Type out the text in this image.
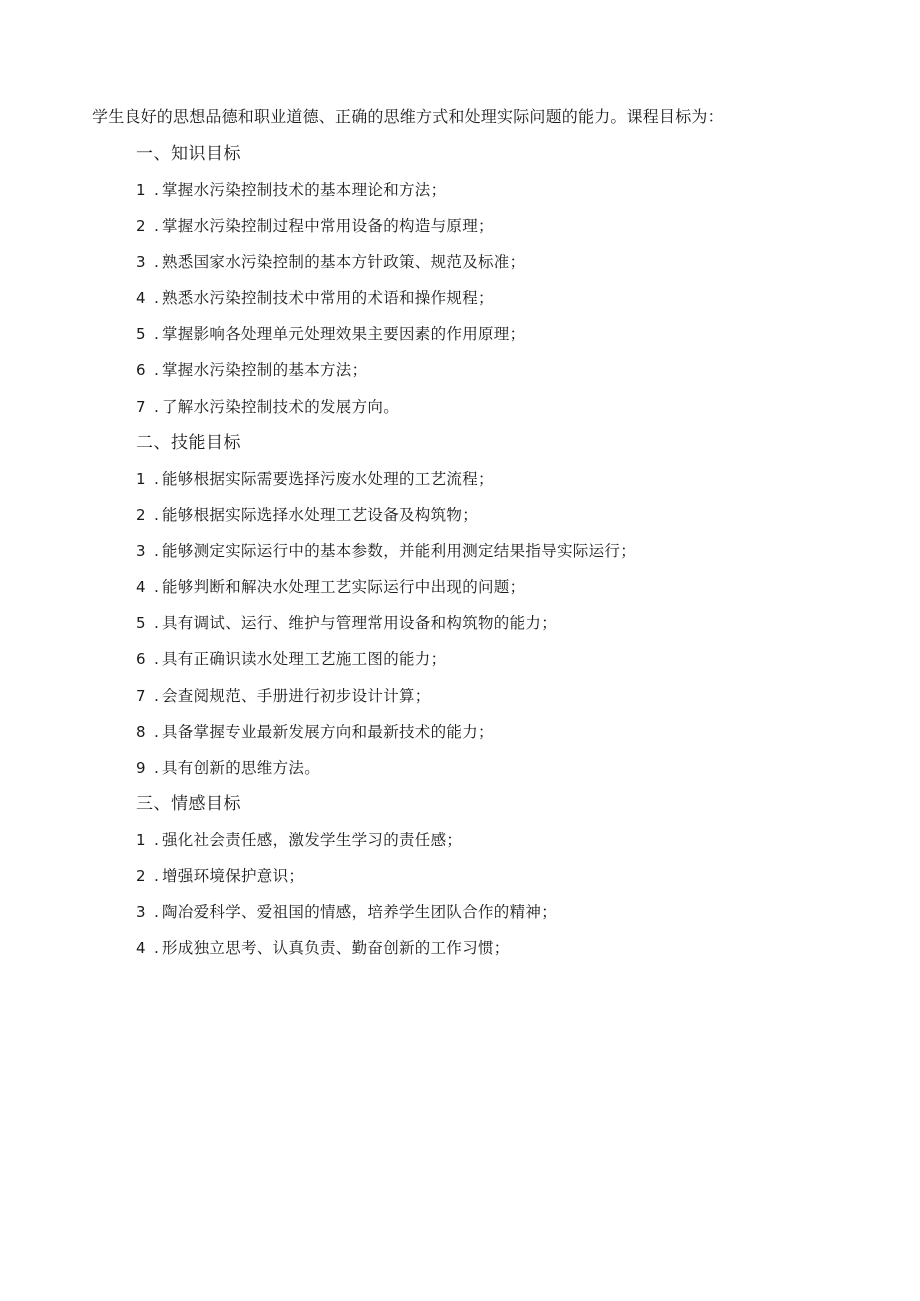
学生良好的思想品德和职业道德、正确的思维方式和处理实际问题的能力。课程目标为：
一、知识目标
1 . 掌握水污染控制技术的基本理论和方法；
2 . 掌握水污染控制过程中常用设备的构造与原理；
3 . 熟悉国家水污染控制的基本方针政策、规范及标准；
4 . 熟悉水污染控制技术中常用的术语和操作规程；
5 . 掌握影响各处理单元处理效果主要因素的作用原理；
6 . 掌握水污染控制的基本方法；
7 . 了解水污染控制技术的发展方向。
二、技能目标
1 . 能够根据实际需要选择污废水处理的工艺流程；
2 . 能够根据实际选择水处理工艺设备及构筑物；
3 . 能够测定实际运行中的基本参数，并能利用测定结果指导实际运行；
4 . 能够判断和解决水处理工艺实际运行中出现的问题；
5 . 具有调试、运行、维护与管理常用设备和构筑物的能力；
6 . 具有正确识读水处理工艺施工图的能力；
7 . 会查阅规范、手册进行初步设计计算；
8 . 具备掌握专业最新发展方向和最新技术的能力；
9 . 具有创新的思维方法。
三、情感目标
1 . 强化社会责任感，激发学生学习的责任感；
2 . 增强环境保护意识；
3 . 陶冶爱科学、爱祖国的情感，培养学生团队合作的精神；
4 . 形成独立思考、认真负责、勤奋创新的工作习惯；
